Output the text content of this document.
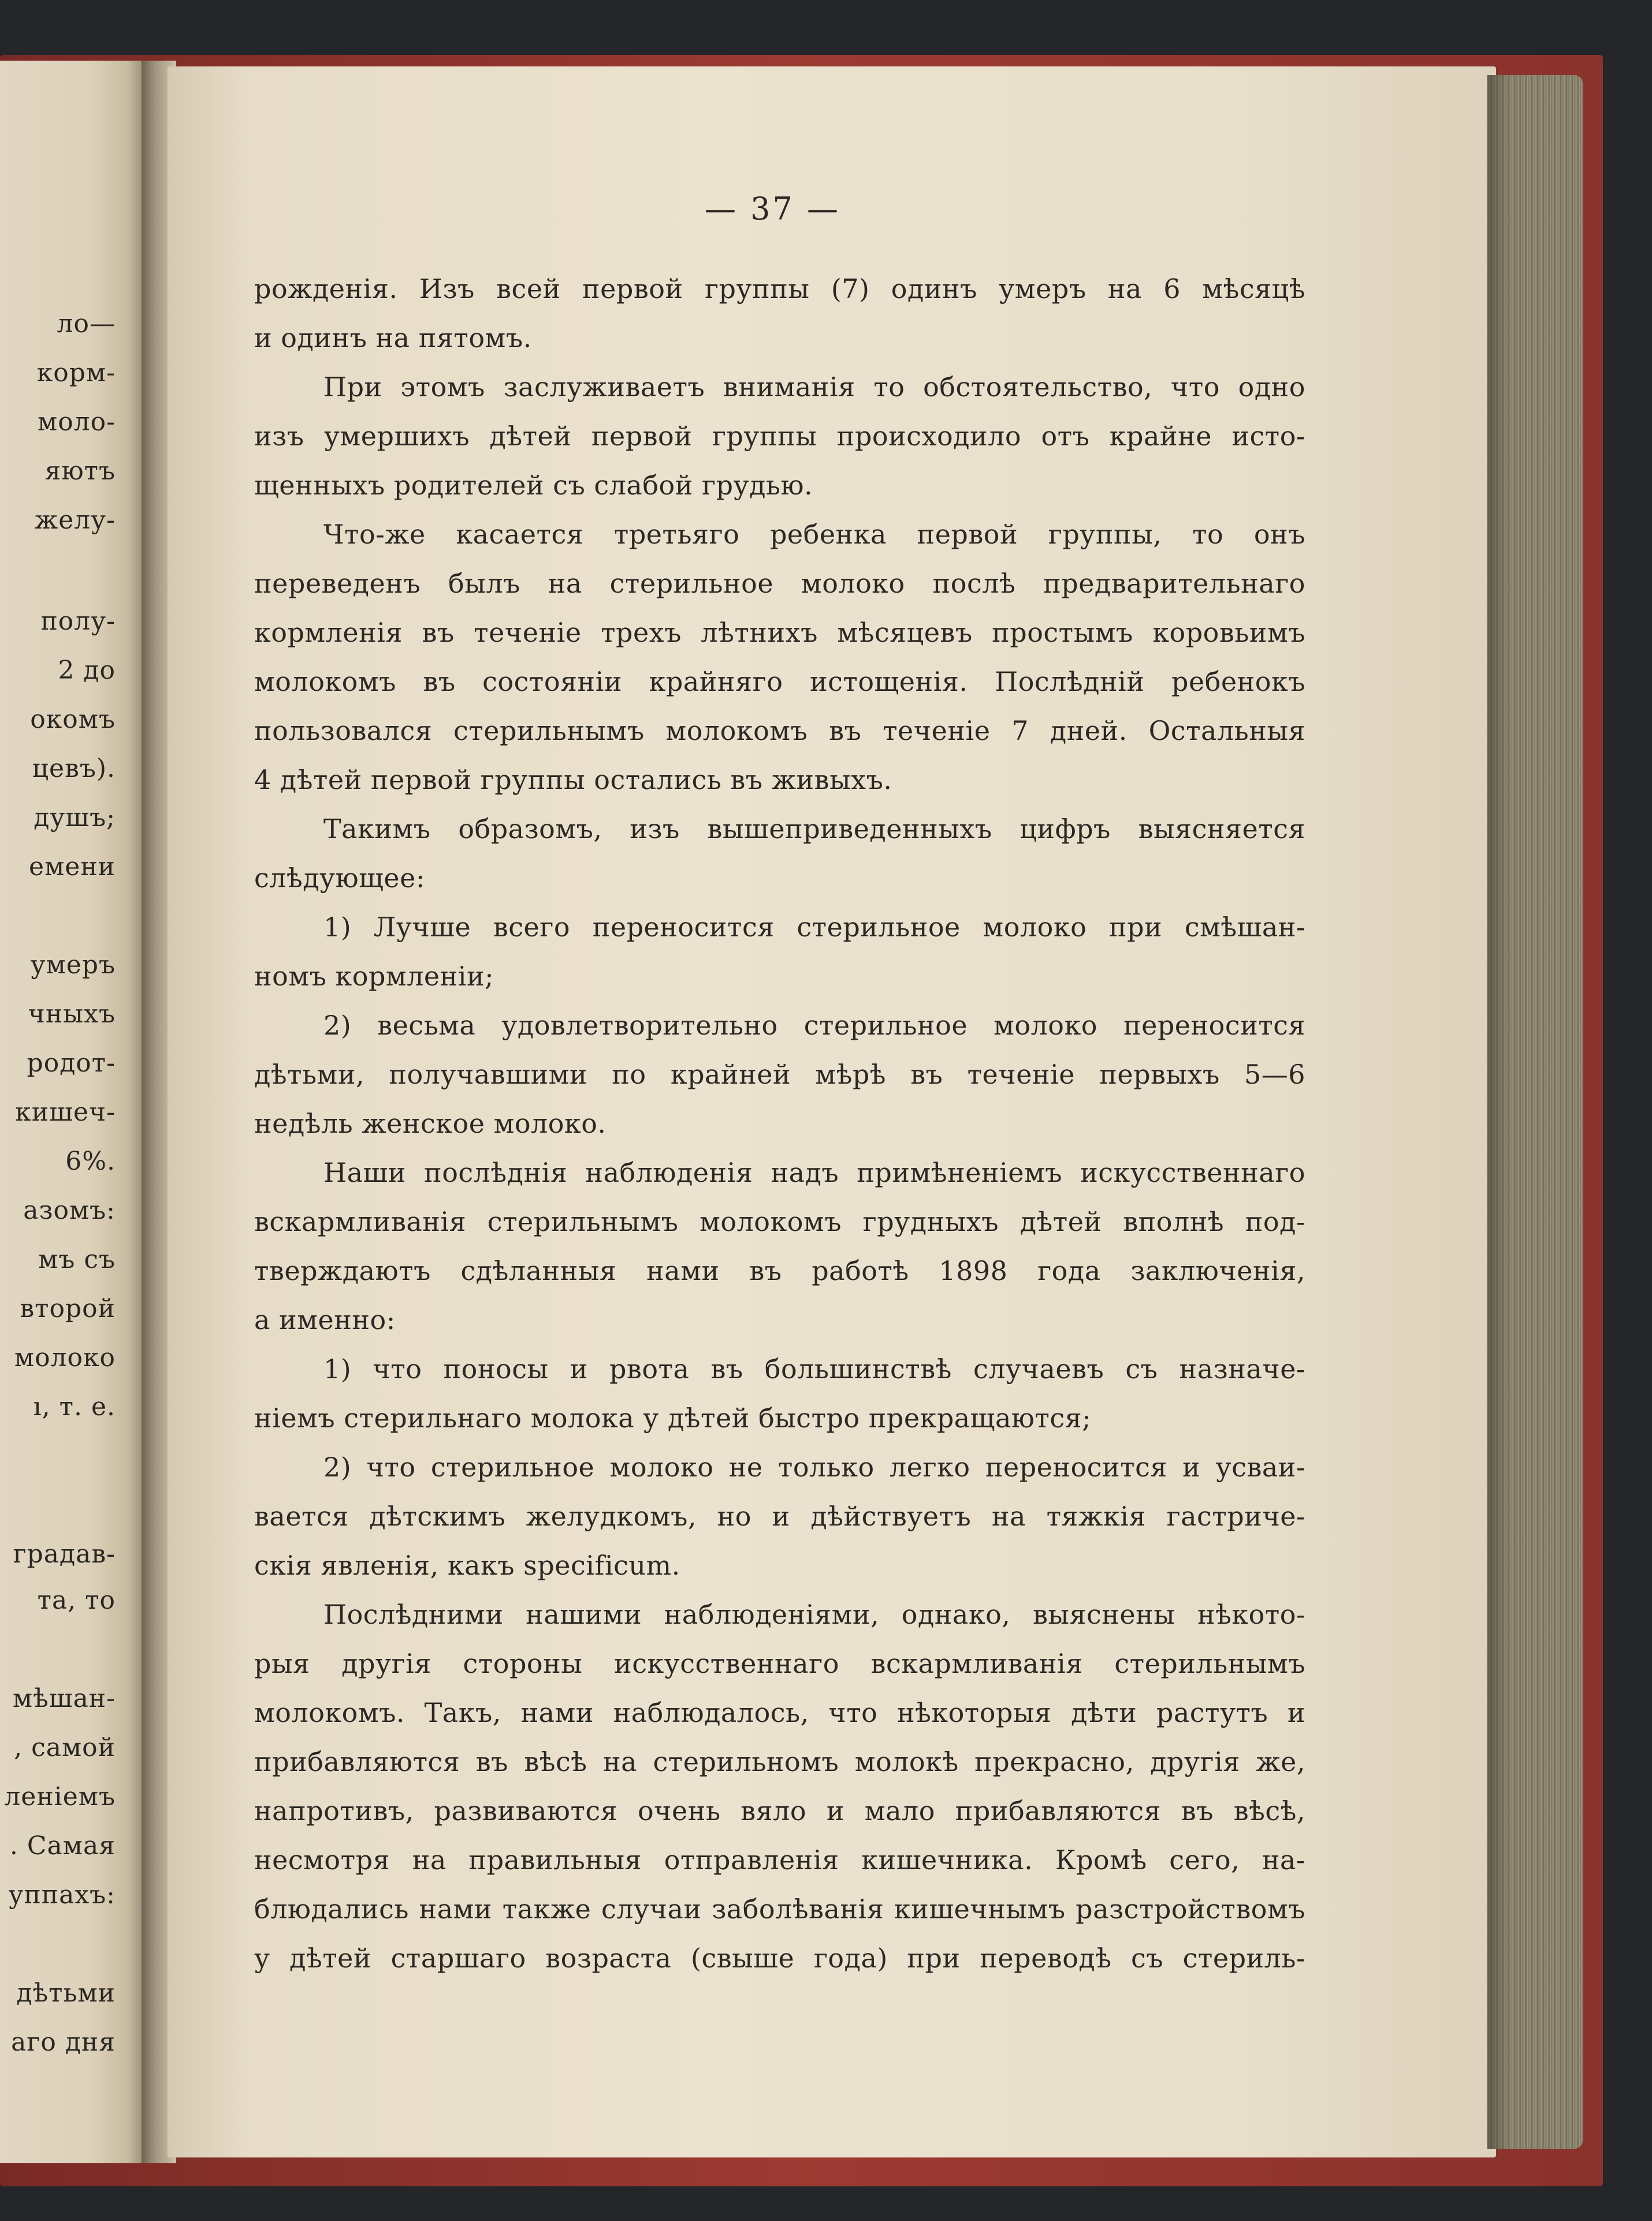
ло—
корм-
моло-
яютъ
желу-
полу-
2 до
окомъ
цевъ).
душъ;
емени
умеръ
чныхъ
родот-
кишеч-
6%.
азомъ:
мъ съ
второй
молоко
ı, т. е.
градав-
та, то
мѣшан-
, самой
леніемъ
. Самая
уппахъ:
дѣтьми
аго дня
— 37 —
рожденія. Изъ всей первой группы (7) одинъ умеръ на 6 мѣсяцѣ
и одинъ на пятомъ.
При этомъ заслуживаетъ вниманія то обстоятельство, что одно
изъ умершихъ дѣтей первой группы происходило отъ крайне исто-
щенныхъ родителей съ слабой грудью.
Что-же касается третьяго ребенка первой группы, то онъ
переведенъ былъ на стерильное молоко послѣ предварительнаго
кормленія въ теченіе трехъ лѣтнихъ мѣсяцевъ простымъ коровьимъ
молокомъ въ состояніи крайняго истощенія. Послѣдній ребенокъ
пользовался стерильнымъ молокомъ въ теченіе 7 дней. Остальныя
4 дѣтей первой группы остались въ живыхъ.
Такимъ образомъ, изъ вышеприведенныхъ цифръ выясняется
слѣдующее:
1) Лучше всего переносится стерильное молоко при смѣшан-
номъ кормленіи;
2) весьма удовлетворительно стерильное молоко переносится
дѣтьми, получавшими по крайней мѣрѣ въ теченіе первыхъ 5—6
недѣль женское молоко.
Наши послѣднія наблюденія надъ примѣненіемъ искусственнаго
вскармливанія стерильнымъ молокомъ грудныхъ дѣтей вполнѣ под-
тверждаютъ сдѣланныя нами въ работѣ 1898 года заключенія,
а именно:
1) что поносы и рвота въ большинствѣ случаевъ съ назначе-
ніемъ стерильнаго молока у дѣтей быстро прекращаются;
2) что стерильное молоко не только легко переносится и усваи-
вается дѣтскимъ желудкомъ, но и дѣйствуетъ на тяжкія гастриче-
скія явленія, какъ specificum.
Послѣдними нашими наблюденіями, однако, выяснены нѣкото-
рыя другія стороны искусственнаго вскармливанія стерильнымъ
молокомъ. Такъ, нами наблюдалось, что нѣкоторыя дѣти растутъ и
прибавляются въ вѣсѣ на стерильномъ молокѣ прекрасно, другія же,
напротивъ, развиваются очень вяло и мало прибавляются въ вѣсѣ,
несмотря на правильныя отправленія кишечника. Кромѣ сего, на-
блюдались нами также случаи заболѣванія кишечнымъ разстройствомъ
у дѣтей старшаго возраста (свыше года) при переводѣ съ стериль-
